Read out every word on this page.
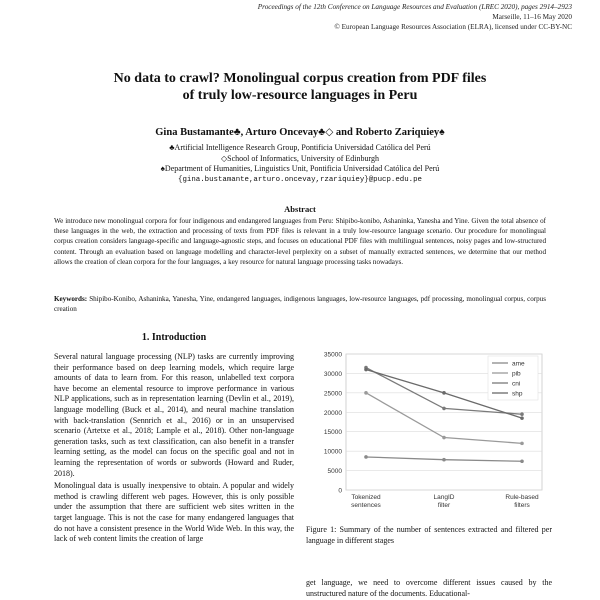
Proceedings of the 12th Conference on Language Resources and Evaluation (LREC 2020), pages 2914–2923
Marseille, 11–16 May 2020
© European Language Resources Association (ELRA), licensed under CC-BY-NC
No data to crawl? Monolingual corpus creation from PDF files
of truly low-resource languages in Peru
Gina Bustamante♣, Arturo Oncevay♣◇ and Roberto Zariquiey♠
♣Artificial Intelligence Research Group, Pontificia Universidad Católica del Perú
◇School of Informatics, University of Edinburgh
♠Department of Humanities, Linguistics Unit, Pontificia Universidad Católica del Perú
{gina.bustamante,arturo.oncevay,rzariquiey}@pucp.edu.pe
Abstract
We introduce new monolingual corpora for four indigenous and endangered languages from Peru: Shipibo-konibo, Ashaninka, Yanesha and Yine. Given the total absence of these languages in the web, the extraction and processing of texts from PDF files is relevant in a truly low-resource language scenario. Our procedure for monolingual corpus creation considers language-specific and language-agnostic steps, and focuses on educational PDF files with multilingual sentences, noisy pages and low-structured content. Through an evaluation based on language modelling and character-level perplexity on a subset of manually extracted sentences, we determine that our method allows the creation of clean corpora for the four languages, a key resource for natural language processing tasks nowadays.
Keywords: Shipibo-Konibo, Ashaninka, Yanesha, Yine, endangered languages, indigenous languages, low-resource languages, pdf processing, monolingual corpus, corpus creation
1. Introduction

Several natural language processing (NLP) tasks are currently improving their performance based on deep learning models, which require large amounts of data to learn from. For this reason, unlabelled text corpora have become an elemental resource to improve performance in various NLP applications, such as in representation learning (Devlin et al., 2019), language modelling (Buck et al., 2014), and neural machine translation with back-translation (Sennrich et al., 2016) or in an unsupervised scenario (Artetxe et al., 2018; Lample et al., 2018). Other non-language generation tasks, such as text classification, can also benefit in a transfer learning setting, as the model can focus on the specific goal and not in learning the representation of words or subwords (Howard and Ruder, 2018).

Monolingual data is usually inexpensive to obtain. A popular and widely method is crawling different web pages. However, this is only possible under the assumption that there are sufficient web sites written in the target language. This is not the case for many endangered languages that do not have a consistent presence in the World Wide Web. In this way, the lack of web content limits the creation of large

0
5000
10000
15000
20000
25000
30000
35000
Tokenized
sentences
LangID
filter
Rule-based
filters
ame
pib
cni
shp
Figure 1: Summary of the number of sentences extracted and filtered per language in different stages

get language, we need to overcome different issues caused by the unstructured nature of the documents. Educational-
